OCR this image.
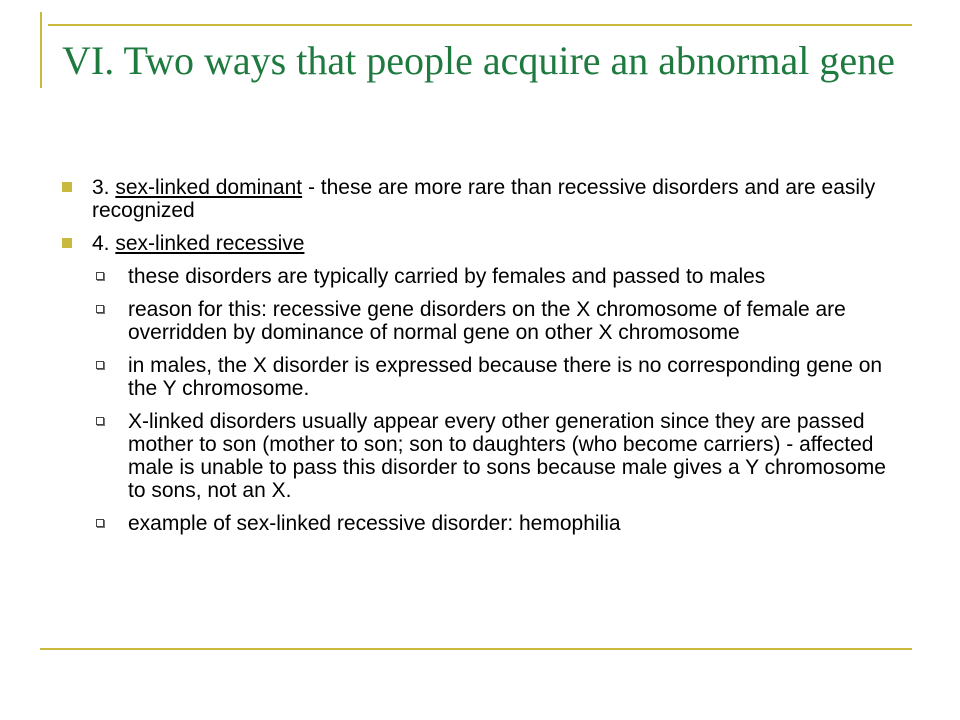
VI. Two ways that people acquire an abnormal gene
3. sex-linked dominant - these are more rare than recessive disorders and are easily recognized
4. sex-linked recessive
these disorders are typically carried by females and passed to males
reason for this: recessive gene disorders on the X chromosome of female are overridden by dominance of normal gene on other X chromosome
in males, the X disorder is expressed because there is no corresponding gene on the Y chromosome.
X-linked disorders usually appear every other generation since they are passed mother to son (mother to son; son to daughters (who become carriers) - affected male is unable to pass this disorder to sons because male gives a Y chromosome to sons, not an X.
example of sex-linked recessive disorder: hemophilia
